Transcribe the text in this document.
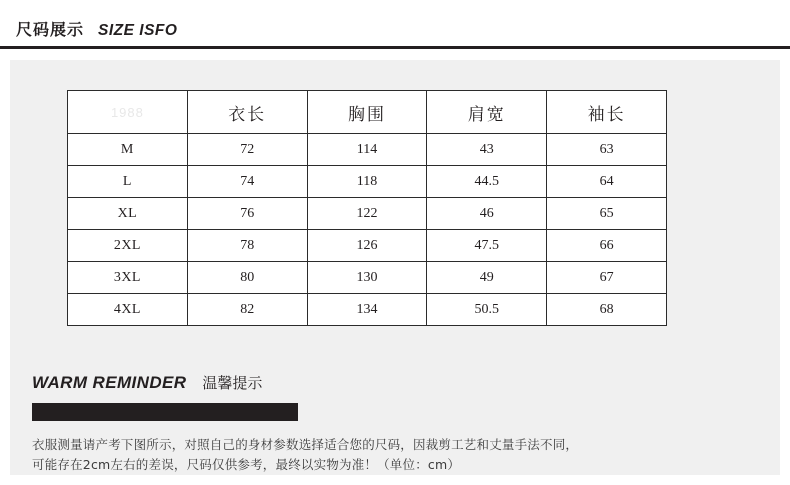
尺码展示 SIZE ISFO
1988	衣长	胸围	肩宽	袖长
M	72	114	43	63
L	74	118	44.5	64
XL	76	122	46	65
2XL	78	126	47.5	66
3XL	80	130	49	67
4XL	82	134	50.5	68
WARM REMINDER 温馨提示
衣服测量请产考下图所示，对照自己的身材参数选择适合您的尺码，因裁剪工艺和丈量手法不同，
可能存在2cm左右的差误，尺码仅供参考，最终以实物为准！（单位：cm）
